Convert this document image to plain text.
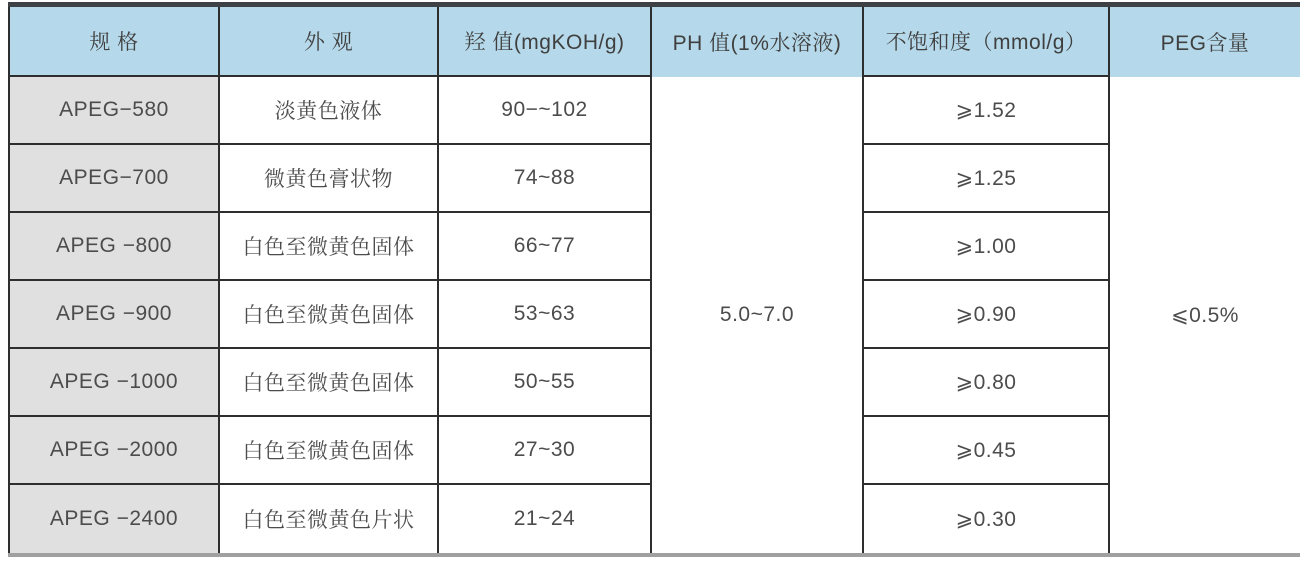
规 格	外 观	羟 值(mgKOH/g)	PH 值(1%水溶液)	不饱和度（mmol/g）	PEG含量
APEG−580	淡黄色液体	90−~102	5.0~7.0	⩾1.52	⩽0.5%
APEG−700	微黄色膏状物	74~88		⩾1.25	
APEG −800	白色至微黄色固体	66~77		⩾1.00	
APEG −900	白色至微黄色固体	53~63		⩾0.90	
APEG −1000	白色至微黄色固体	50~55		⩾0.80	
APEG −2000	白色至微黄色固体	27~30		⩾0.45	
APEG −2400	白色至微黄色片状	21~24		⩾0.30	
